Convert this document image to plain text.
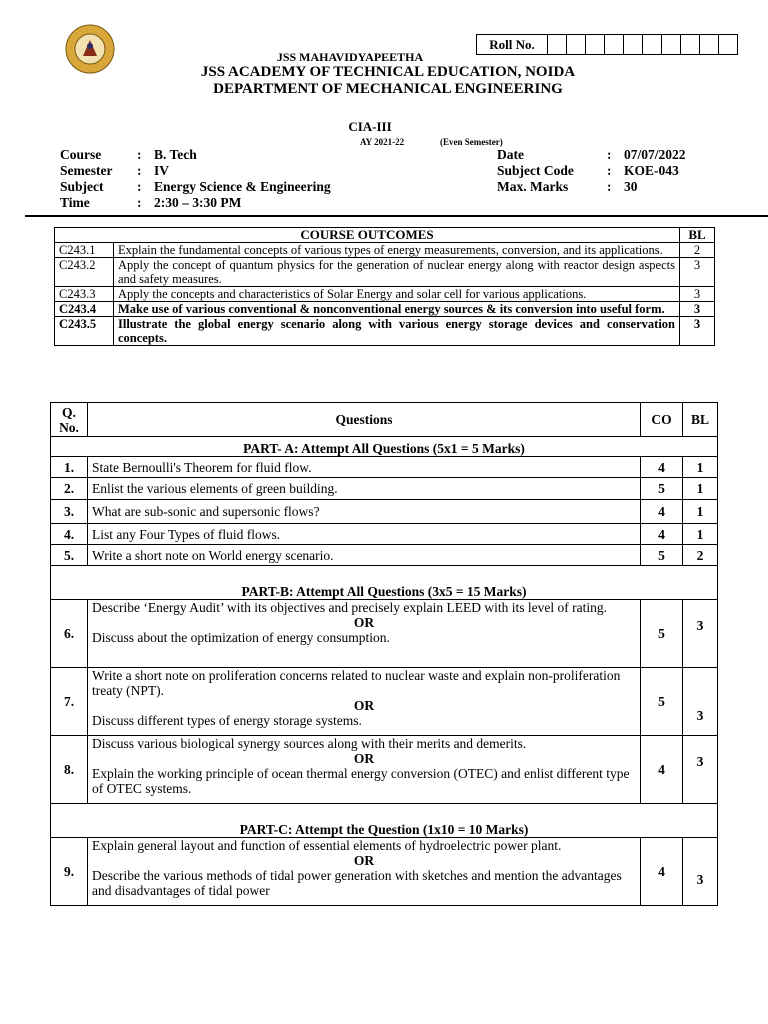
Roll No.
JSS MAHAVIDYAPEETHA
JSS ACADEMY OF TECHNICAL EDUCATION, NOIDA
DEPARTMENT OF MECHANICAL ENGINEERING
CIA-III
AY 2021-22	(Even Semester)
Course	: B. Tech
Semester	: IV
Subject	: Energy Science & Engineering
Time	: 2:30 – 3:30 PM
Date	: 07/07/2022
Subject Code : KOE-043
Max. Marks	: 30
COURSE OUTCOMES		BL
C243.1	Explain the fundamental concepts of various types of energy measurements, conversion, and its applications.	2
C243.2	Apply the concept of quantum physics for the generation of nuclear energy along with reactor design aspects and safety measures.	3
C243.3	Apply the concepts and characteristics of Solar Energy and solar cell for various applications.	3
C243.4	Make use of various conventional & nonconventional energy sources & its conversion into useful form.	3
C243.5	Illustrate the global energy scenario along with various energy storage devices and conservation concepts.	3
Q. No.	Questions	CO	BL
PART- A: Attempt All Questions (5x1 = 5 Marks)			
1.	State Bernoulli's Theorem for fluid flow.	4	1
2.	Enlist the various elements of green building.	5	1
3.	What are sub-sonic and supersonic flows?	4	1
4.	List any Four Types of fluid flows.	4	1
5.	Write a short note on World energy scenario.	5	2
PART-B: Attempt All Questions (3x5 = 15 Marks)			
6.	Describe ‘Energy Audit’ with its objectives and precisely explain LEED with its level of rating.
OR
Discuss about the optimization of energy consumption.	5	3
7.	Write a short note on proliferation concerns related to nuclear waste and explain non-proliferation treaty (NPT).
OR
Discuss different types of energy storage systems.	5	3
8.	Discuss various biological synergy sources along with their merits and demerits.
OR
Explain the working principle of ocean thermal energy conversion (OTEC) and enlist different type of OTEC systems.	4	3
PART-C: Attempt the Question (1x10 = 10 Marks)			
9.	Explain general layout and function of essential elements of hydroelectric power plant.
OR
Describe the various methods of tidal power generation with sketches and mention the advantages and disadvantages of tidal power	4	3
